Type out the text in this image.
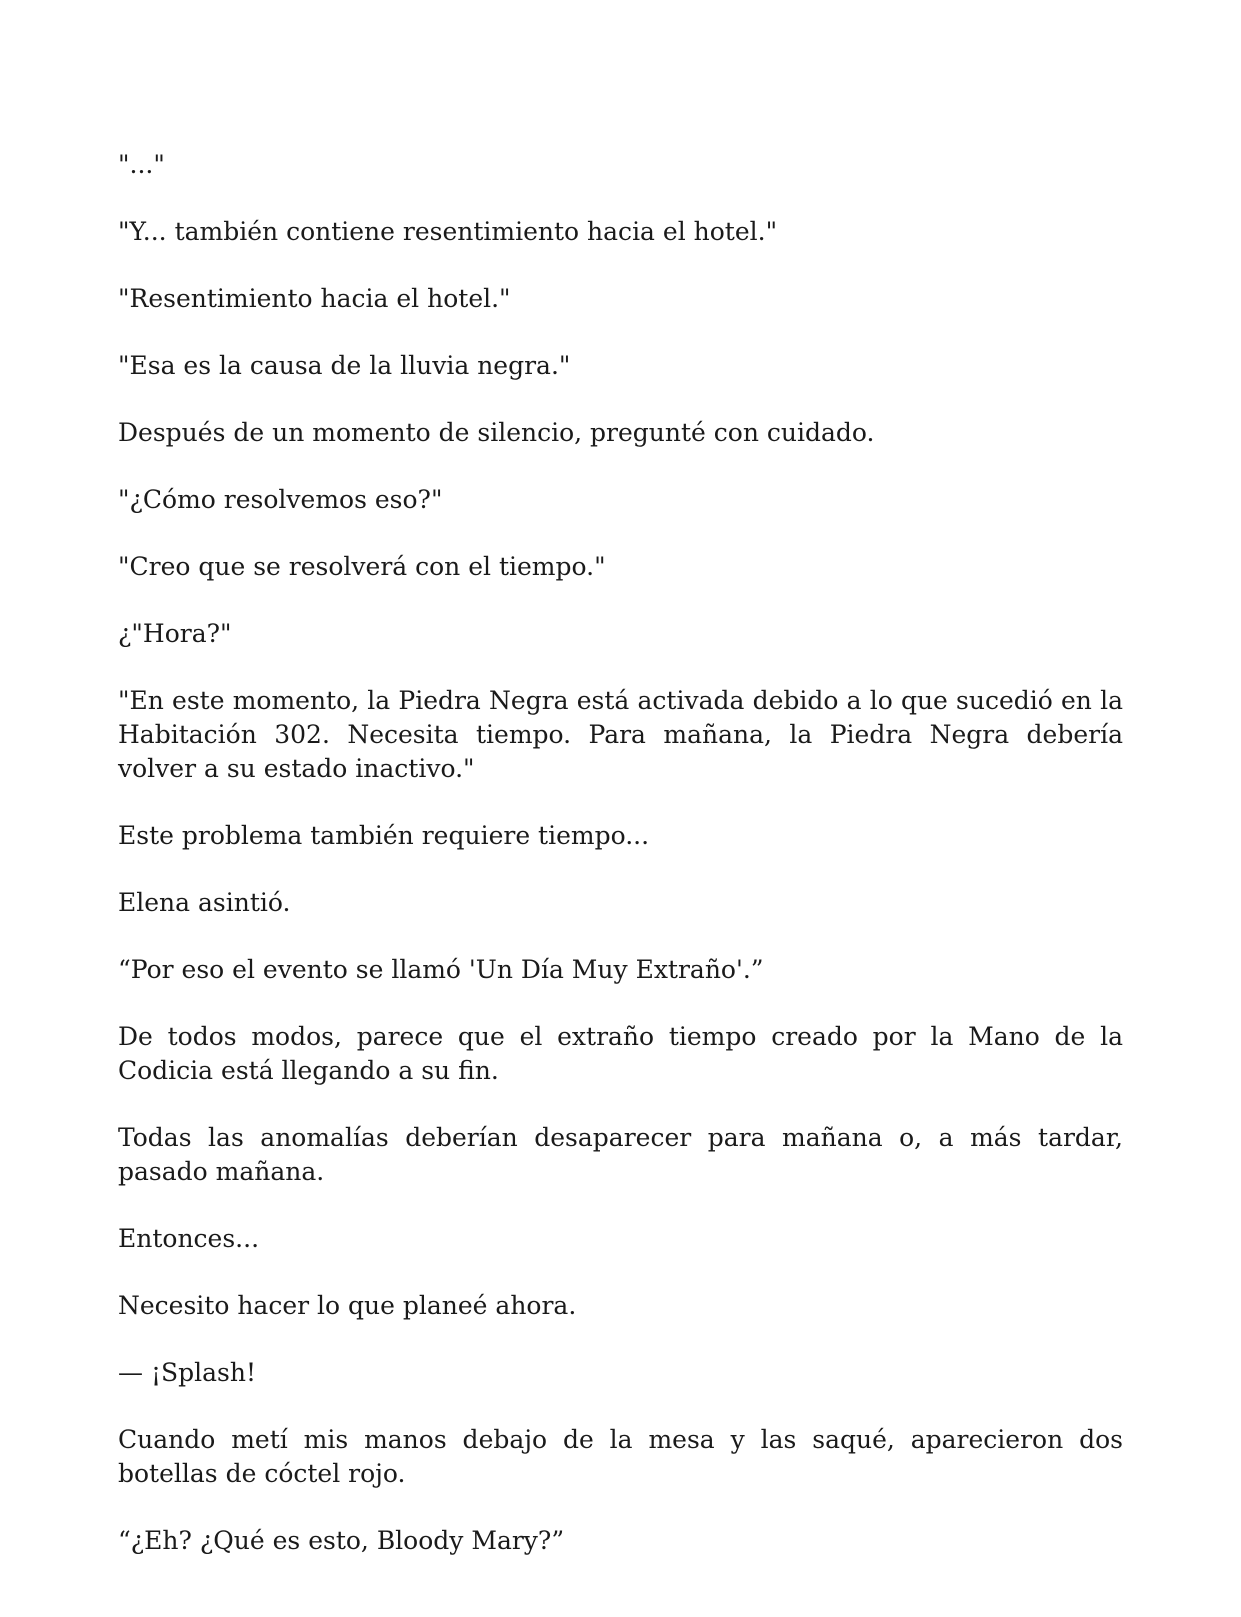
"..."

"Y... también contiene resentimiento hacia el hotel."

"Resentimiento hacia el hotel."

"Esa es la causa de la lluvia negra."

Después de un momento de silencio, pregunté con cuidado.

"¿Cómo resolvemos eso?"

"Creo que se resolverá con el tiempo."

¿"Hora?"

"En este momento, la Piedra Negra está activada debido a lo que sucedió en la Habitación 302. Necesita tiempo. Para mañana, la Piedra Negra debería volver a su estado inactivo."

Este problema también requiere tiempo...

Elena asintió.

“Por eso el evento se llamó 'Un Día Muy Extraño'.”

De todos modos, parece que el extraño tiempo creado por la Mano de la Codicia está llegando a su fin.

Todas las anomalías deberían desaparecer para mañana o, a más tardar, pasado mañana.

Entonces...

Necesito hacer lo que planeé ahora.

— ¡Splash!

Cuando metí mis manos debajo de la mesa y las saqué, aparecieron dos botellas de cóctel rojo.

“¿Eh? ¿Qué es esto, Bloody Mary?”
